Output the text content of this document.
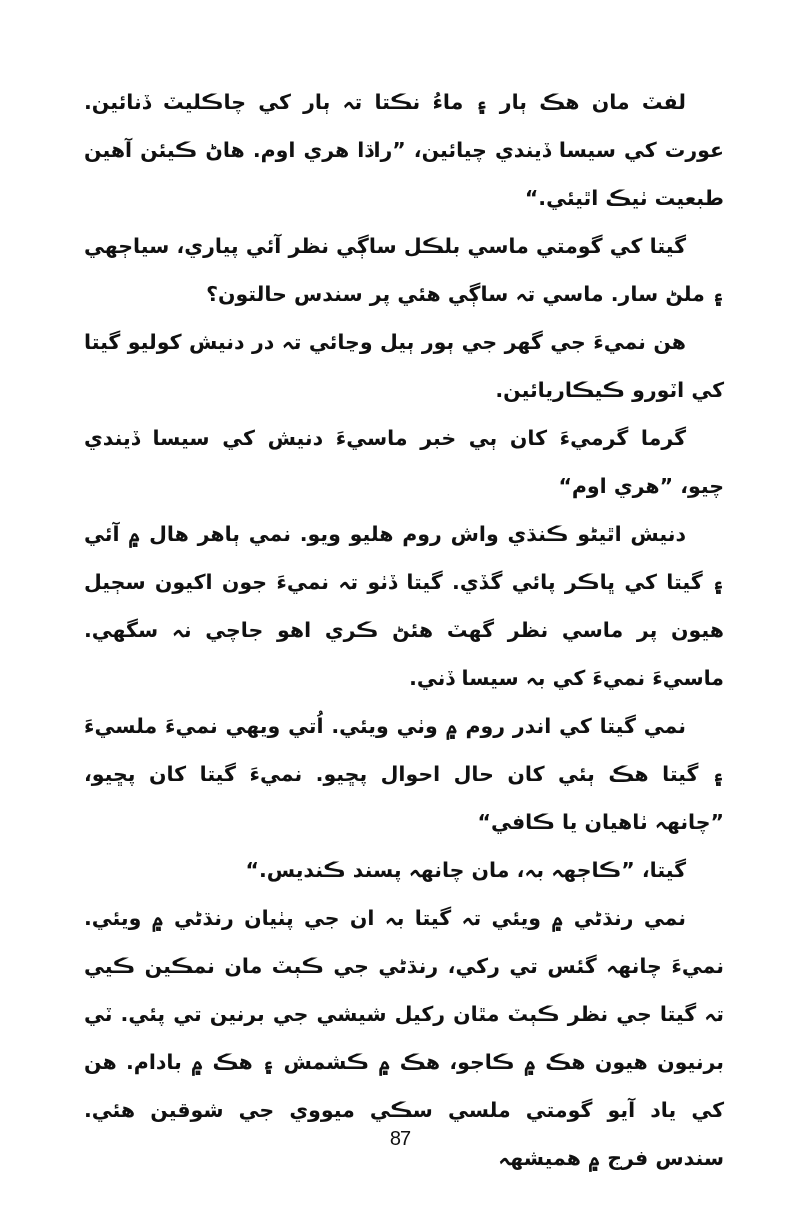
لفٽ مان هڪ ٻار ۽ ماءُ نڪتا تہ ٻار کي چاڪليٽ ڏنائين. عورت کي سيسا ڏيندي چيائين، ”راڌا هري اوم. هاڻ ڪيئن آهين طبعيت ٺيڪ اٿيئي.“

گيتا کي گومتي ماسي بلڪل ساڳي نظر آئي پياري، سياڄهي ۽ ملڻ سار. ماسي تہ ساڳي هئي پر سندس حالتون؟

هن نميءَ جي گهر جي ٻور ٻيل وڃائي تہ در دنيش کوليو گيتا کي اٽورو ڪيڪاريائين.

گرما گرميءَ کان ٻي خبر ماسيءَ دنيش کي سيسا ڏيندي چيو، ”هري اوم“

دنيش اٿيڻو ڪنڌي واش روم هليو ويو. نمي ٻاهر هال ۾ آئي ۽ گيتا کي ڀاڪر پائي گڏي. گيتا ڏٺو تہ نميءَ جون اکيون سڄيل هيون پر ماسي نظر گهٽ هئڻ ڪري اهو جاچي نہ سگهي. ماسيءَ نميءَ کي بہ سيسا ڏني.

نمي گيتا کي اندر روم ۾ وٺي ويئي. اُتي ويهي نميءَ ملسيءَ ۽ گيتا هڪ ٻئي کان حال احوال پڇيو. نميءَ گيتا کان پڇيو، ”چانهہ ٺاهيان يا ڪافي“

گيتا، ”ڪاڄهہ بہ، مان چانهہ پسند ڪنديس.“

نمي رنڌڻي ۾ ويئي تہ گيتا بہ ان جي پٺيان رنڌڻي ۾ ويئي. نميءَ چانهہ گئس تي رکي، رنڌڻي جي ڪٻٽ مان نمڪين ڪيي تہ گيتا جي نظر ڪٻٽ مٿان رکيل شيشي جي برنين تي پئي. ٽي برنيون هيون هڪ ۾ ڪاجو، هڪ ۾ ڪشمش ۽ هڪ ۾ بادام. هن کي ياد آيو گومتي ملسي سڪي ميووي جي شوقين هئي. سندس فرج ۾ هميشهہ

87
